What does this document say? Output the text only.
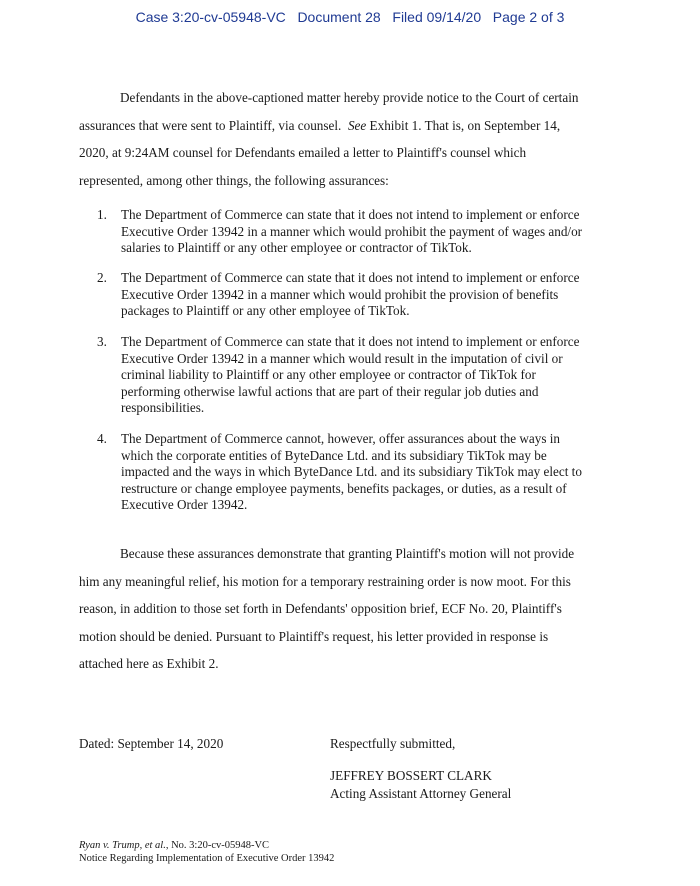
Case 3:20-cv-05948-VC Document 28 Filed 09/14/20 Page 2 of 3
Defendants in the above-captioned matter hereby provide notice to the Court of certain
assurances that were sent to Plaintiff, via counsel. See Exhibit 1. That is, on September 14,
2020, at 9:24AM counsel for Defendants emailed a letter to Plaintiff's counsel which
represented, among other things, the following assurances:
1.	The Department of Commerce can state that it does not intend to implement or enforce
Executive Order 13942 in a manner which would prohibit the payment of wages and/or
salaries to Plaintiff or any other employee or contractor of TikTok.
2.	The Department of Commerce can state that it does not intend to implement or enforce
Executive Order 13942 in a manner which would prohibit the provision of benefits
packages to Plaintiff or any other employee of TikTok.
3.	The Department of Commerce can state that it does not intend to implement or enforce
Executive Order 13942 in a manner which would result in the imputation of civil or
criminal liability to Plaintiff or any other employee or contractor of TikTok for
performing otherwise lawful actions that are part of their regular job duties and
responsibilities.
4.	The Department of Commerce cannot, however, offer assurances about the ways in
which the corporate entities of ByteDance Ltd. and its subsidiary TikTok may be
impacted and the ways in which ByteDance Ltd. and its subsidiary TikTok may elect to
restructure or change employee payments, benefits packages, or duties, as a result of
Executive Order 13942.
Because these assurances demonstrate that granting Plaintiff's motion will not provide
him any meaningful relief, his motion for a temporary restraining order is now moot. For this
reason, in addition to those set forth in Defendants' opposition brief, ECF No. 20, Plaintiff's
motion should be denied. Pursuant to Plaintiff's request, his letter provided in response is
attached here as Exhibit 2.
Dated: September 14, 2020	Respectfully submitted,
JEFFREY BOSSERT CLARK
Acting Assistant Attorney General
Ryan v. Trump, et al., No. 3:20-cv-05948-VC
Notice Regarding Implementation of Executive Order 13942
